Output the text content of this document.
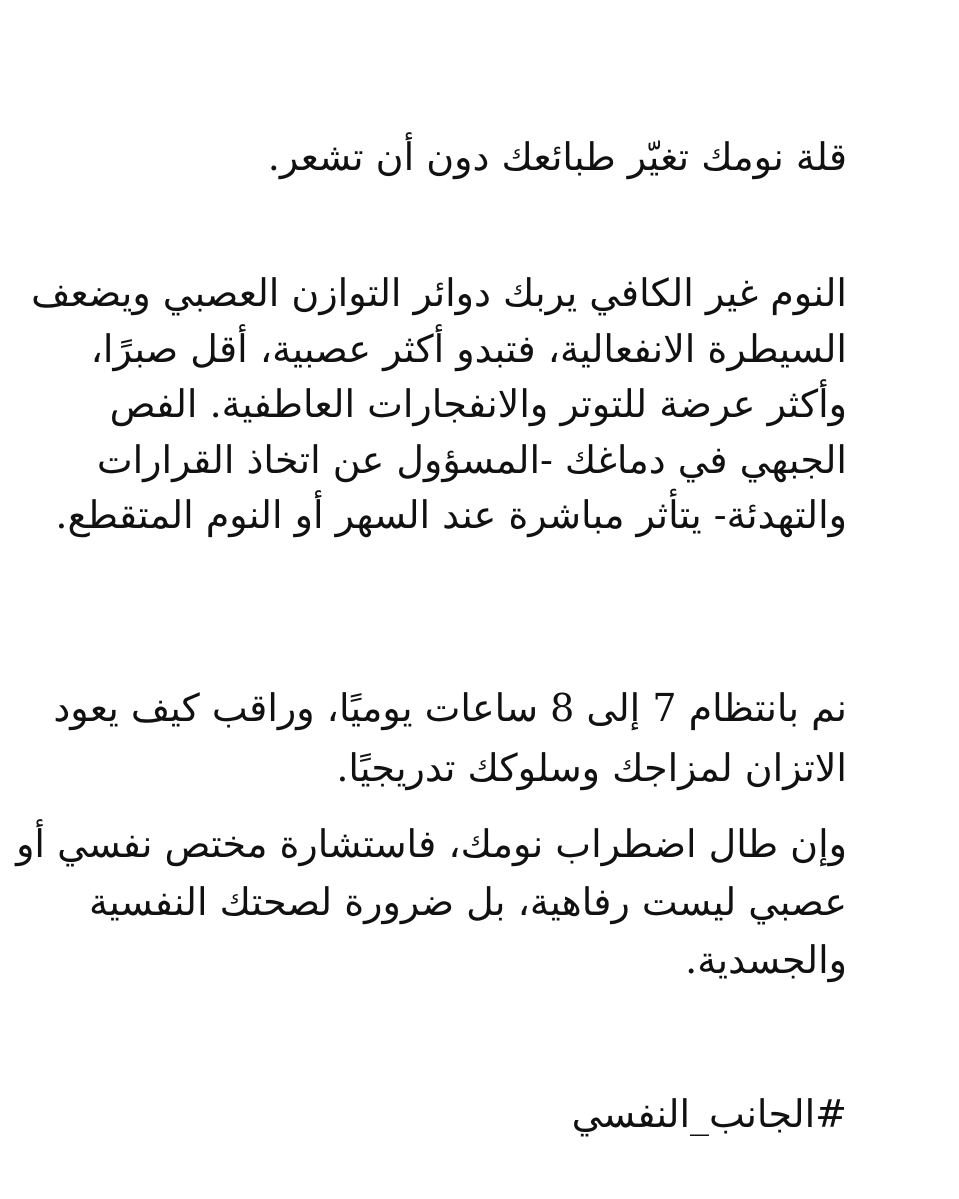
قلة نومك تغيّر طبائعك دون أن تشعر.

النوم غير الكافي يربك دوائر التوازن العصبي ويضعف
السيطرة الانفعالية، فتبدو أكثر عصبية، أقل صبرًا،
وأكثر عرضة للتوتر والانفجارات العاطفية. الفص
الجبهي في دماغك -المسؤول عن اتخاذ القرارات
والتهدئة- يتأثر مباشرة عند السهر أو النوم المتقطع.

نم بانتظام 7 إلى 8 ساعات يوميًا، وراقب كيف يعود
الاتزان لمزاجك وسلوكك تدريجيًا.

وإن طال اضطراب نومك، فاستشارة مختص نفسي أو
عصبي ليست رفاهية، بل ضرورة لصحتك النفسية
والجسدية.

#الجانب_النفسي
